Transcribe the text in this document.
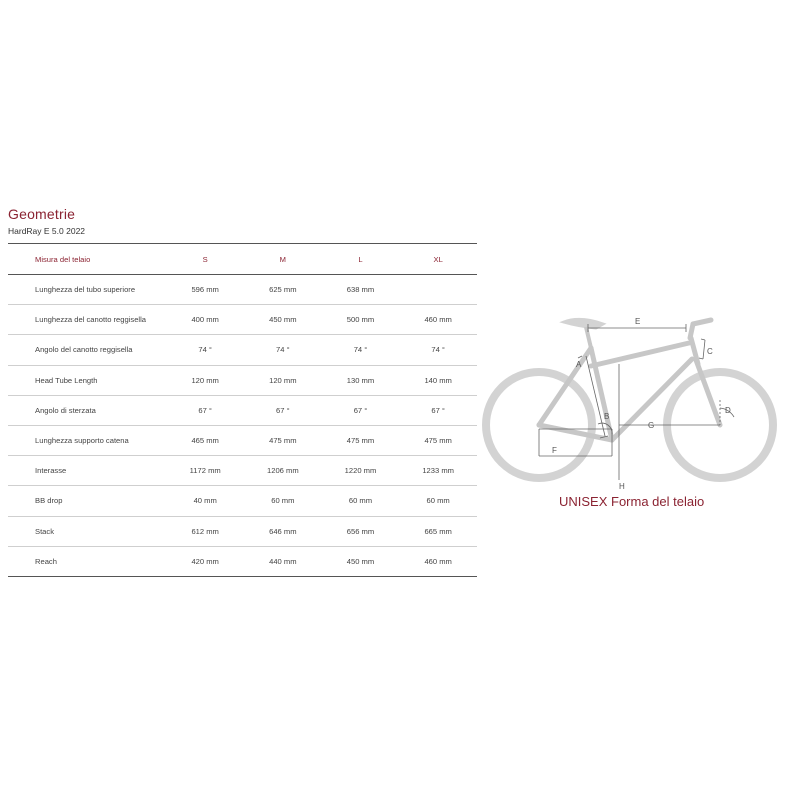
Geometrie
HardRay E 5.0 2022
Misura del telaio	S	M	L	XL
Lunghezza del tubo superiore	596 mm	625 mm	638 mm	
Lunghezza del canotto reggisella	400 mm	450 mm	500 mm	460 mm
Angolo del canotto reggisella	74 °	74 °	74 °	74 °
Head Tube Length	120 mm	120 mm	130 mm	140 mm
Angolo di sterzata	67 °	67 °	67 °	67 °
Lunghezza supporto catena	465 mm	475 mm	475 mm	475 mm
Interasse	1172 mm	1206 mm	1220 mm	1233 mm
BB drop	40 mm	60 mm	60 mm	60 mm
Stack	612 mm	646 mm	656 mm	665 mm
Reach	420 mm	440 mm	450 mm	460 mm
E
C
A
B
D
G
F
H
UNISEX Forma del telaio
